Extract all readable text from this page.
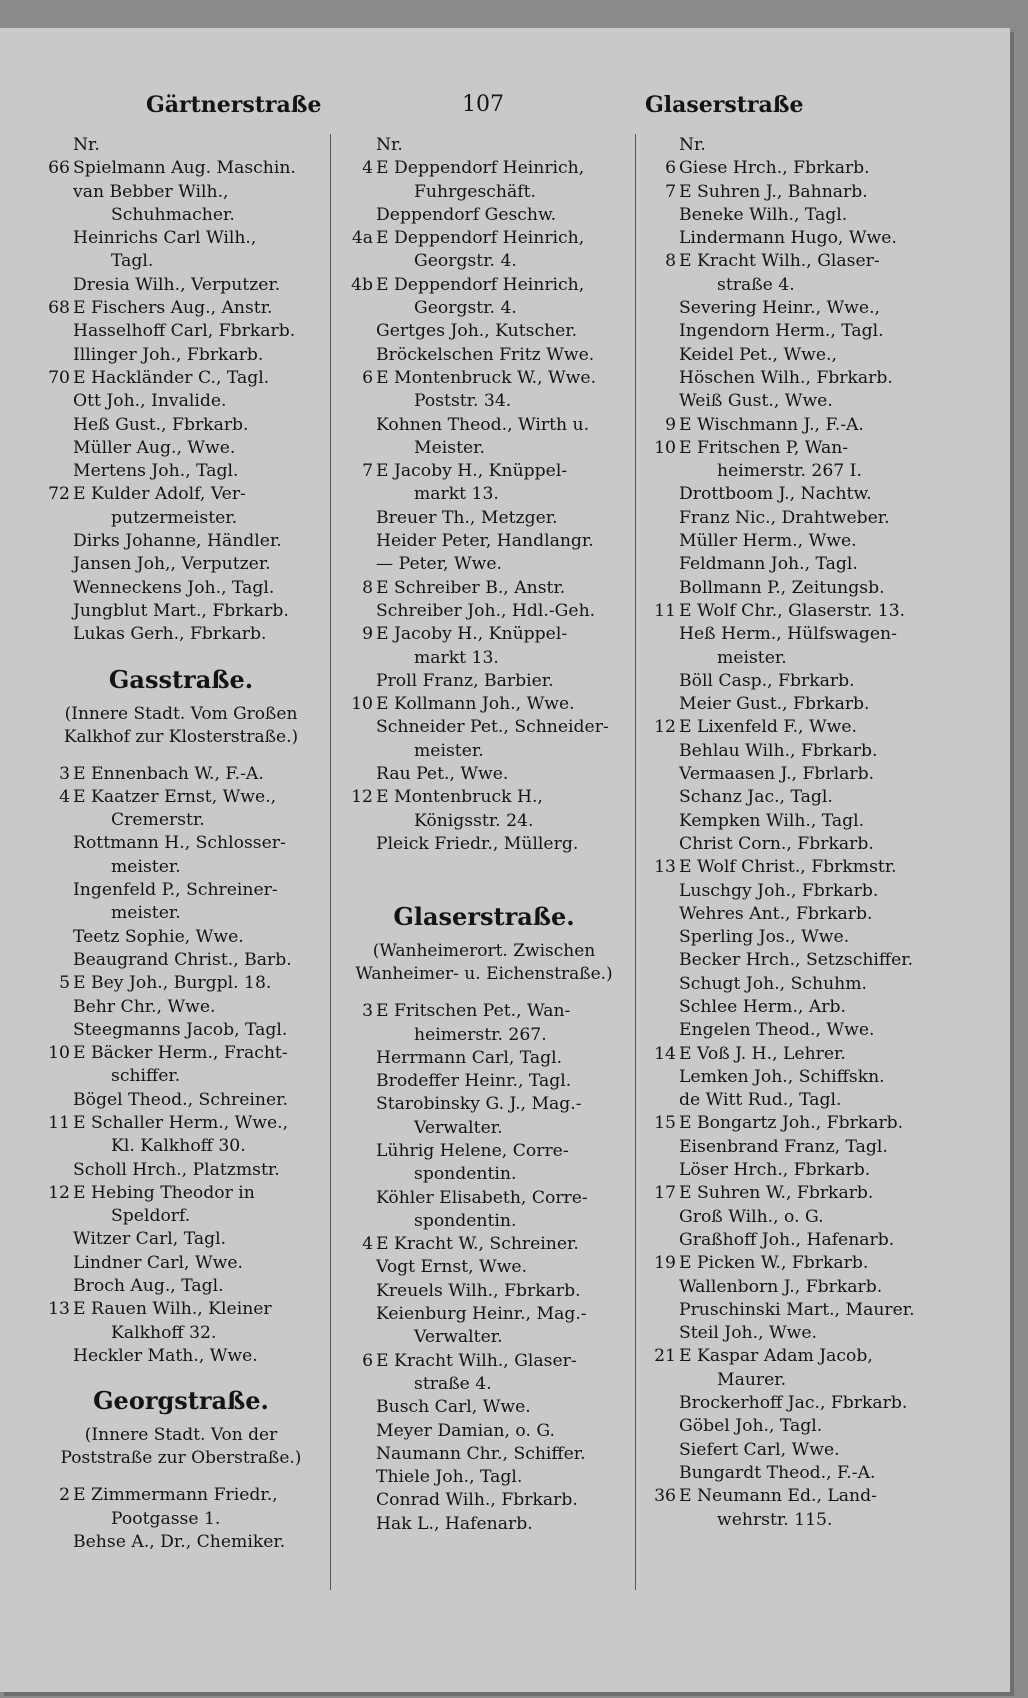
Gärtnerstraße	107	Glaserstraße
Nr.
66 Spielmann Aug. Maschin.
van Bebber Wilh.,
Schuhmacher.
Heinrichs Carl Wilh.,
Tagl.
Dresia Wilh., Verputzer.
68 E Fischers Aug., Anstr.
Hasselhoff Carl, Fbrkarb.
Illinger Joh., Fbrkarb.
70 E Hackländer C., Tagl.
Ott Joh., Invalide.
Heß Gust., Fbrkarb.
Müller Aug., Wwe.
Mertens Joh., Tagl.
72 E Kulder Adolf, Ver-
putzermeister.
Dirks Johanne, Händler.
Jansen Joh,, Verputzer.
Wenneckens Joh., Tagl.
Jungblut Mart., Fbrkarb.
Lukas Gerh., Fbrkarb.
Gasstraße.
(Innere Stadt. Vom Großen
Kalkhof zur Klosterstraße.)
3 E Ennenbach W., F.-A.
4 E Kaatzer Ernst, Wwe.,
Cremerstr.
Rottmann H., Schlosser-
meister.
Ingenfeld P., Schreiner-
meister.
Teetz Sophie, Wwe.
Beaugrand Christ., Barb.
5 E Bey Joh., Burgpl. 18.
Behr Chr., Wwe.
Steegmanns Jacob, Tagl.
10 E Bäcker Herm., Fracht-
schiffer.
Bögel Theod., Schreiner.
11 E Schaller Herm., Wwe.,
Kl. Kalkhoff 30.
Scholl Hrch., Platzmstr.
12 E Hebing Theodor in
Speldorf.
Witzer Carl, Tagl.
Lindner Carl, Wwe.
Broch Aug., Tagl.
13 E Rauen Wilh., Kleiner
Kalkhoff 32.
Heckler Math., Wwe.
Georgstraße.
(Innere Stadt. Von der
Poststraße zur Oberstraße.)
2 E Zimmermann Friedr.,
Pootgasse 1.
Behse A., Dr., Chemiker.
Nr.
4 E Deppendorf Heinrich,
Fuhrgeschäft.
Deppendorf Geschw.
4a E Deppendorf Heinrich,
Georgstr. 4.
4b E Deppendorf Heinrich,
Georgstr. 4.
Gertges Joh., Kutscher.
Bröckelschen Fritz Wwe.
6 E Montenbruck W., Wwe.
Poststr. 34.
Kohnen Theod., Wirth u.
Meister.
7 E Jacoby H., Knüppel-
markt 13.
Breuer Th., Metzger.
Heider Peter, Handlangr.
— Peter, Wwe.
8 E Schreiber B., Anstr.
Schreiber Joh., Hdl.-Geh.
9 E Jacoby H., Knüppel-
markt 13.
Proll Franz, Barbier.
10 E Kollmann Joh., Wwe.
Schneider Pet., Schneider-
meister.
Rau Pet., Wwe.
12 E Montenbruck H.,
Königsstr. 24.
Pleick Friedr., Müllerg.
Glaserstraße.
(Wanheimerort. Zwischen
Wanheimer- u. Eichenstraße.)
3 E Fritschen Pet., Wan-
heimerstr. 267.
Herrmann Carl, Tagl.
Brodeffer Heinr., Tagl.
Starobinsky G. J., Mag.-
Verwalter.
Lührig Helene, Corre-
spondentin.
Köhler Elisabeth, Corre-
spondentin.
4 E Kracht W., Schreiner.
Vogt Ernst, Wwe.
Kreuels Wilh., Fbrkarb.
Keienburg Heinr., Mag.-
Verwalter.
6 E Kracht Wilh., Glaser-
straße 4.
Busch Carl, Wwe.
Meyer Damian, o. G.
Naumann Chr., Schiffer.
Thiele Joh., Tagl.
Conrad Wilh., Fbrkarb.
Hak L., Hafenarb.
Nr.
6 Giese Hrch., Fbrkarb.
7 E Suhren J., Bahnarb.
Beneke Wilh., Tagl.
Lindermann Hugo, Wwe.
8 E Kracht Wilh., Glaser-
straße 4.
Severing Heinr., Wwe.,
Ingendorn Herm., Tagl.
Keidel Pet., Wwe.,
Höschen Wilh., Fbrkarb.
Weiß Gust., Wwe.
9 E Wischmann J., F.-A.
10 E Fritschen P, Wan-
heimerstr. 267 I.
Drottboom J., Nachtw.
Franz Nic., Drahtweber.
Müller Herm., Wwe.
Feldmann Joh., Tagl.
Bollmann P., Zeitungsb.
11 E Wolf Chr., Glaserstr. 13.
Heß Herm., Hülfswagen-
meister.
Böll Casp., Fbrkarb.
Meier Gust., Fbrkarb.
12 E Lixenfeld F., Wwe.
Behlau Wilh., Fbrkarb.
Vermaasen J., Fbrlarb.
Schanz Jac., Tagl.
Kempken Wilh., Tagl.
Christ Corn., Fbrkarb.
13 E Wolf Christ., Fbrkmstr.
Luschgy Joh., Fbrkarb.
Wehres Ant., Fbrkarb.
Sperling Jos., Wwe.
Becker Hrch., Setzschiffer.
Schugt Joh., Schuhm.
Schlee Herm., Arb.
Engelen Theod., Wwe.
14 E Voß J. H., Lehrer.
Lemken Joh., Schiffskn.
de Witt Rud., Tagl.
15 E Bongartz Joh., Fbrkarb.
Eisenbrand Franz, Tagl.
Löser Hrch., Fbrkarb.
17 E Suhren W., Fbrkarb.
Groß Wilh., o. G.
Graßhoff Joh., Hafenarb.
19 E Picken W., Fbrkarb.
Wallenborn J., Fbrkarb.
Pruschinski Mart., Maurer.
Steil Joh., Wwe.
21 E Kaspar Adam Jacob,
Maurer.
Brockerhoff Jac., Fbrkarb.
Göbel Joh., Tagl.
Siefert Carl, Wwe.
Bungardt Theod., F.-A.
36 E Neumann Ed., Land-
wehrstr. 115.
